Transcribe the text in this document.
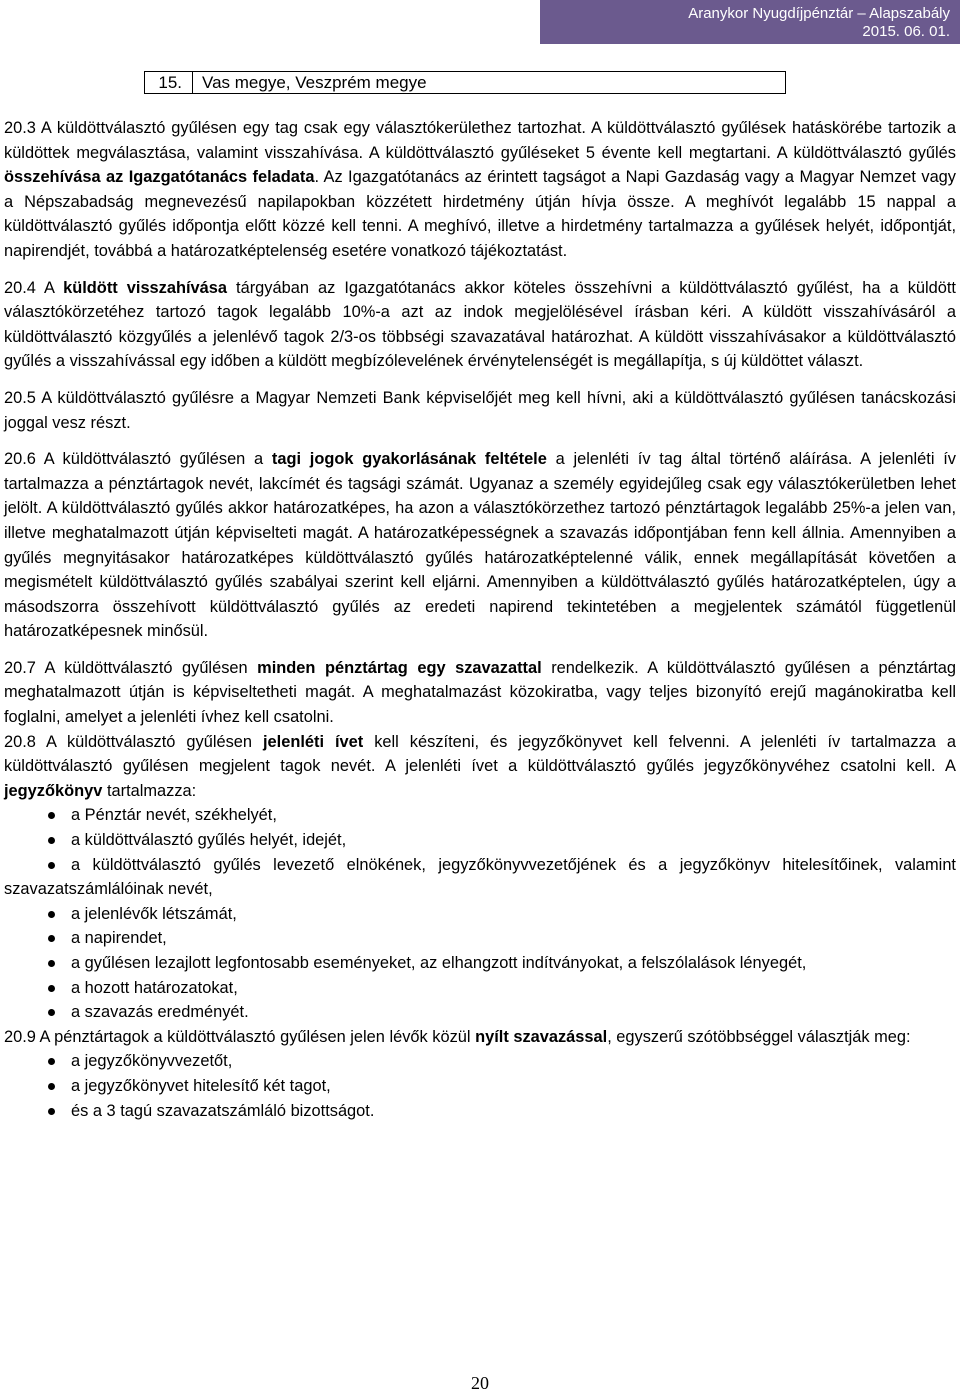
Aranykor Nyugdíjpénztár – Alapszabály
2015. 06. 01.
15.	Vas megye, Veszprém megye

20.3 A küldöttválasztó gyűlésen egy tag csak egy választókerülethez tartozhat. A küldöttválasztó gyűlések hatáskörébe tartozik a küldöttek megválasztása, valamint visszahívása. A küldöttválasztó gyűléseket 5 évente kell megtartani. A küldöttválasztó gyűlés összehívása az Igazgatótanács feladata. Az Igazgatótanács az érintett tagságot a Napi Gazdaság vagy a Magyar Nemzet vagy a Népszabadság megnevezésű napilapokban közzétett hirdetmény útján hívja össze. A meghívót legalább 15 nappal a küldöttválasztó gyűlés időpontja előtt közzé kell tenni. A meghívó, illetve a hirdetmény tartalmazza a gyűlések helyét, időpontját, napirendjét, továbbá a határozatképtelenség esetére vonatkozó tájékoztatást.

20.4 A küldött visszahívása tárgyában az Igazgatótanács akkor köteles összehívni a küldöttválasztó gyűlést, ha a küldött választókörzetéhez tartozó tagok legalább 10%-a azt az indok megjelölésével írásban kéri. A küldött visszahívásáról a küldöttválasztó közgyűlés a jelenlévő tagok 2/3-os többségi szavazatával határozhat. A küldött visszahívásakor a küldöttválasztó gyűlés a visszahívással egy időben a küldött megbízólevelének érvénytelenségét is megállapítja, s új küldöttet választ.

20.5 A küldöttválasztó gyűlésre a Magyar Nemzeti Bank képviselőjét meg kell hívni, aki a küldöttválasztó gyűlésen tanácskozási joggal vesz részt.

20.6 A küldöttválasztó gyűlésen a tagi jogok gyakorlásának feltétele a jelenléti ív tag által történő aláírása. A jelenléti ív tartalmazza a pénztártagok nevét, lakcímét és tagsági számát. Ugyanaz a személy egyidejűleg csak egy választókerületben lehet jelölt. A küldöttválasztó gyűlés akkor határozatképes, ha azon a választókörzethez tartozó pénztártagok legalább 25%-a jelen van, illetve meghatalmazott útján képviselteti magát. A határozatképességnek a szavazás időpontjában fenn kell állnia. Amennyiben a gyűlés megnyitásakor határozatképes küldöttválasztó gyűlés határozatképtelenné válik, ennek megállapítását követően a megismételt küldöttválasztó gyűlés szabályai szerint kell eljárni. Amennyiben a küldöttválasztó gyűlés határozatképtelen, úgy a másodszorra összehívott küldöttválasztó gyűlés az eredeti napirend tekintetében a megjelentek számától függetlenül határozatképesnek minősül.

20.7 A küldöttválasztó gyűlésen minden pénztártag egy szavazattal rendelkezik. A küldöttválasztó gyűlésen a pénztártag meghatalmazott útján is képviseltetheti magát. A meghatalmazást közokiratba, vagy teljes bizonyító erejű magánokiratba kell foglalni, amelyet a jelenléti ívhez kell csatolni.

20.8 A küldöttválasztó gyűlésen jelenléti ívet kell készíteni, és jegyzőkönyvet kell felvenni. A jelenléti ív tartalmazza a küldöttválasztó gyűlésen megjelent tagok nevét. A jelenléti ívet a küldöttválasztó gyűlés jegyzőkönyvéhez csatolni kell. A jegyzőkönyv tartalmazza:

a Pénztár nevét, székhelyét,
a küldöttválasztó gyűlés helyét, idejét,
a küldöttválasztó gyűlés levezető elnökének, jegyzőkönyvvezetőjének és a jegyzőkönyv hitelesítőinek, valamint szavazatszámlálóinak nevét,
a jelenlévők létszámát,
a napirendet,
a gyűlésen lezajlott legfontosabb eseményeket, az elhangzott indítványokat, a felszólalások lényegét,
a hozott határozatokat,
a szavazás eredményét.

20.9 A pénztártagok a küldöttválasztó gyűlésen jelen lévők közül nyílt szavazással, egyszerű szótöbbséggel választják meg:

a jegyzőkönyvvezetőt,
a jegyzőkönyvet hitelesítő két tagot,
és a 3 tagú szavazatszámláló bizottságot.
20
